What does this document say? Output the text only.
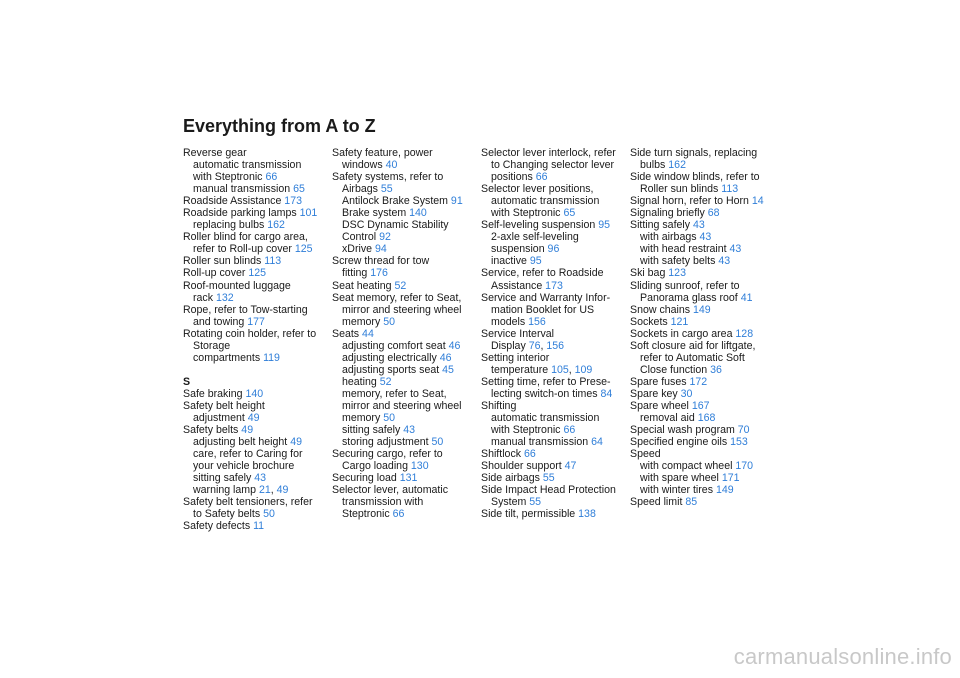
Everything from A to Z
Reverse gear
automatic transmission
with Steptronic 66
manual transmission 65
Roadside Assistance 173
Roadside parking lamps 101
replacing bulbs 162
Roller blind for cargo area,
refer to Roll-up cover 125
Roller sun blinds 113
Roll-up cover 125
Roof-mounted luggage
rack 132
Rope, refer to Tow-starting
and towing 177
Rotating coin holder, refer to
Storage
compartments 119
S
Safe braking 140
Safety belt height
adjustment 49
Safety belts 49
adjusting belt height 49
care, refer to Caring for
your vehicle brochure
sitting safely 43
warning lamp 21, 49
Safety belt tensioners, refer
to Safety belts 50
Safety defects 11
Safety feature, power
windows 40
Safety systems, refer to
Airbags 55
Antilock Brake System 91
Brake system 140
DSC Dynamic Stability
Control 92
xDrive 94
Screw thread for tow
fitting 176
Seat heating 52
Seat memory, refer to Seat,
mirror and steering wheel
memory 50
Seats 44
adjusting comfort seat 46
adjusting electrically 46
adjusting sports seat 45
heating 52
memory, refer to Seat,
mirror and steering wheel
memory 50
sitting safely 43
storing adjustment 50
Securing cargo, refer to
Cargo loading 130
Securing load 131
Selector lever, automatic
transmission with
Steptronic 66
Selector lever interlock, refer
to Changing selector lever
positions 66
Selector lever positions,
automatic transmission
with Steptronic 65
Self-leveling suspension 95
2-axle self-leveling
suspension 96
inactive 95
Service, refer to Roadside
Assistance 173
Service and Warranty Infor-
mation Booklet for US
models 156
Service Interval
Display 76, 156
Setting interior
temperature 105, 109
Setting time, refer to Prese-
lecting switch-on times 84
Shifting
automatic transmission
with Steptronic 66
manual transmission 64
Shiftlock 66
Shoulder support 47
Side airbags 55
Side Impact Head Protection
System 55
Side tilt, permissible 138
Side turn signals, replacing
bulbs 162
Side window blinds, refer to
Roller sun blinds 113
Signal horn, refer to Horn 14
Signaling briefly 68
Sitting safely 43
with airbags 43
with head restraint 43
with safety belts 43
Ski bag 123
Sliding sunroof, refer to
Panorama glass roof 41
Snow chains 149
Sockets 121
Sockets in cargo area 128
Soft closure aid for liftgate,
refer to Automatic Soft
Close function 36
Spare fuses 172
Spare key 30
Spare wheel 167
removal aid 168
Special wash program 70
Specified engine oils 153
Speed
with compact wheel 170
with spare wheel 171
with winter tires 149
Speed limit 85
carmanualsonline.info
